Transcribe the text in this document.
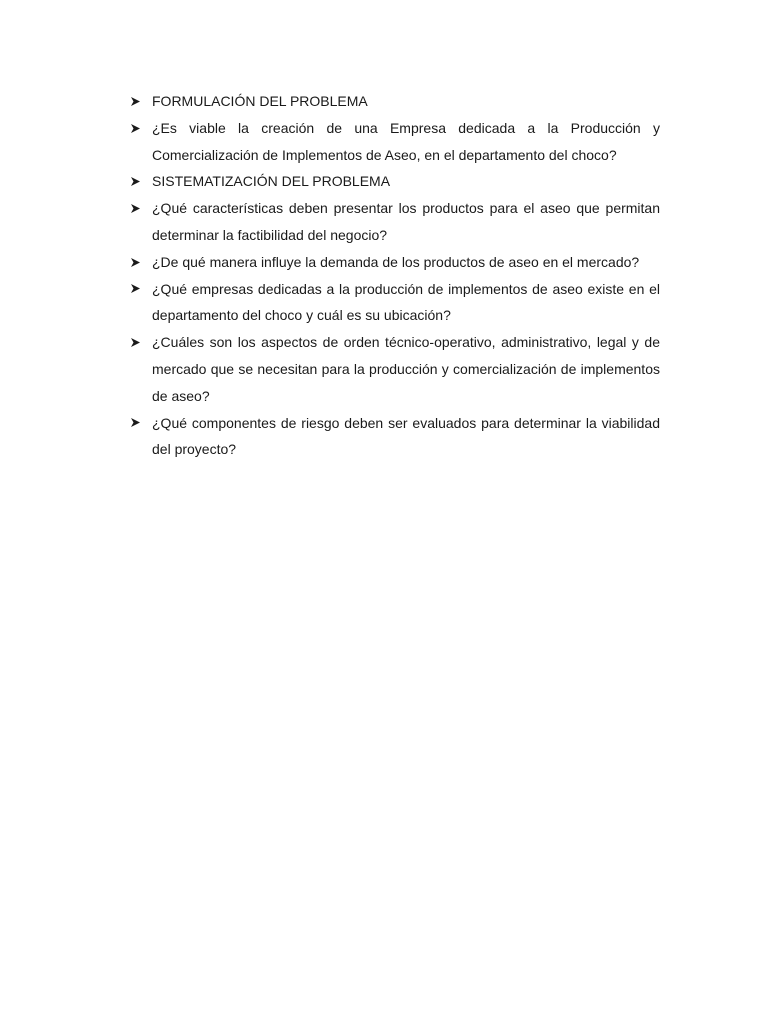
FORMULACIÓN DEL PROBLEMA
¿Es viable la creación de una Empresa dedicada a la Producción y Comercialización de Implementos de Aseo, en el departamento del choco?
SISTEMATIZACIÓN DEL PROBLEMA
¿Qué características deben presentar los productos para el aseo que permitan determinar la factibilidad del negocio?
¿De qué manera influye la demanda de los productos de aseo en el mercado?
¿Qué empresas dedicadas a la producción de implementos de aseo existe en el departamento del choco y cuál es su ubicación?
¿Cuáles son los aspectos de orden técnico-operativo, administrativo, legal y de mercado que se necesitan para la producción y comercialización de implementos de aseo?
¿Qué componentes de riesgo deben ser evaluados para determinar la viabilidad del proyecto?
